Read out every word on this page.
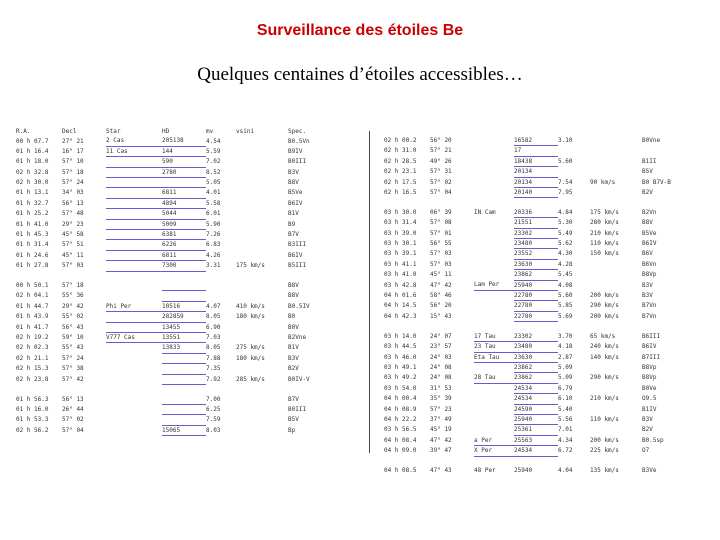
Surveillance des étoiles Be
Quelques centaines d’étoiles accessibles…
R.A.	Decl	Star	HD	mv	vsini	Spec.
00 h 07.7	27° 21	2 Cas	205138	4.54		B0.5Vn
01 h 16.4	16° 17	11 Cas	144	5.59		B9IV
01 h 18.0	57° 10		590	7.02		B0III
02 h 32.8	57° 18		2780	8.52		B3V
02 h 30.0	57° 24			5.05		B8V
01 h 13.1	34° 03		6811	4.01		B5Ve
01 h 32.7	56° 13		4894	5.58		B6IV
01 h 25.2	57° 48		5044	6.01		B1V
01 h 41.0	29° 23		5009	5.90		B9
01 h 45.3	45° 58		6381	7.26		B7V
01 h 31.4	57° 51		6226	6.83		B3III
01 h 24.6	45° 11		6811	4.26		B6IV
01 h 27.8	57° 03		7300	3.31	175 km/s	B5III

00 h 50.1	57° 18					B8V
02 h 04.1	55° 36					B8V
01 h 44.7	29° 42	Phi Per	10516	4.07	410 km/s	B0.5IV
01 h 43.9	55° 02		282859	8.05	180 km/s	B0
01 h 41.7	56° 43		13455	6.90		B0V
02 h 19.2	59° 10	V777 Cas	13551	7.03		B2Vne
02 h 02.3	55° 43		13833	8.05	275 km/s	B1V
02 h 21.1	57° 24			7.88	180 km/s	B3V
02 h 15.3	57° 38			7.35		B2V
02 h 23.8	57° 42			7.92	285 km/s	B0IV-V

01 h 56.3	56° 13			7.00		B7V
01 h 16.0	26° 44			6.25		B0III
01 h 53.3	57° 02			7.59		B5V
02 h 56.2	57° 04		15065	8.03		Bp
02 h 00.2	56° 20		16582	3.10		B0Vne
02 h 31.0	57° 21		17			
02 h 28.5	49° 26		18438	5.60		B1II
02 h 23.1	57° 31		20134			B5V
02 h 17.5	57° 02		20134	7.54	90 km/s	B0 B7V-B
02 h 16.5	57° 04		20140	7.95		B2V

03 h 30.0	06° 39	IN Cam	20336	4.84	175 km/s	B2Vn
03 h 31.4	57° 08		21551	5.30	280 km/s	B8V
03 h 39.0	57° 01		23302	5.49	210 km/s	B5Ve
03 h 30.1	56° 55		23480	5.62	110 km/s	B6IV
03 h 39.1	57° 03		23552	4.30	150 km/s	B6V
03 h 41.1	57° 03		23630	4.28		B6Vn
03 h 41.0	45° 11		23862	5.45		B8Vp
03 h 42.8	47° 42	Lam Per	25940	4.08		B3V
04 h 01.6	58° 46		22780	5.60	200 km/s	B3V
04 h 14.5	56° 20		22780	5.85	290 km/s	B7Vn
04 h 42.3	15° 43		22780	5.69	200 km/s	B7Vn

03 h 14.0	24° 07	17 Tau	23302	3.70	65 km/s	B6III
03 h 44.5	23° 57	23 Tau	23480	4.18	240 km/s	B6IV
03 h 46.0	24° 03	Eta Tau	23630	2.87	140 km/s	B7III
03 h 49.1	24° 08		23862	5.09		B8Vp
03 h 49.2	24° 08	28 Tau	23862	5.09	290 km/s	B8Vp
03 h 54.0	31° 53		24534	6.79		B0Ve
04 h 00.4	35° 39		24534	6.10	210 km/s	O9.5
04 h 08.9	57° 23		24590	5.40		B1IV
04 h 22.2	37° 49		25940	5.56	110 km/s	B3V
03 h 56.5	45° 19		25361	7.01		B2V
04 h 08.4	47° 42	a Per	25563	4.34	200 km/s	B0.5sp
04 h 09.0	39° 47	X Per	24534	6.72	225 km/s	O7

04 h 08.5	47° 43	48 Per	25940	4.04	135 km/s	B3Ve
